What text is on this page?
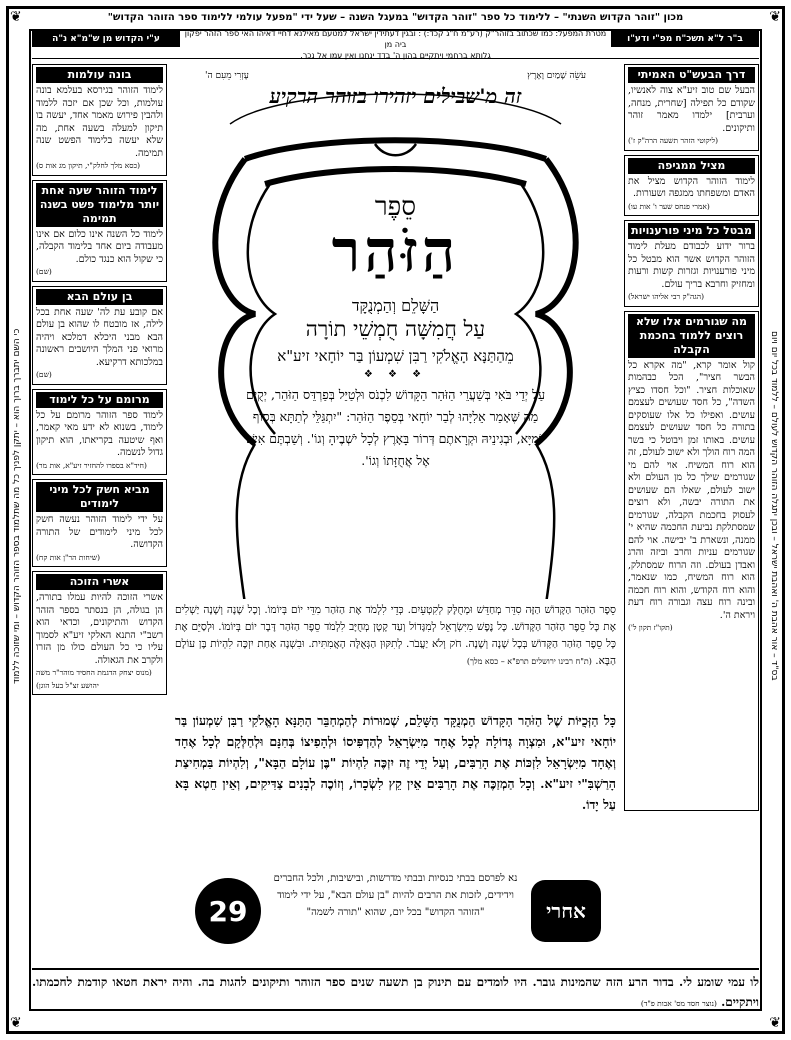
❦	❦
❦	❦
בס"ד – אור אהבת ה' ואהבת ישראל – ובכן יתגלה הזוהר הקדוש לעולם – ללמוד בכל יום ויום
כי השם יתברך ברוך הוא – יתקן לפניך כל מה שתלמוד בספר הזוהר הקדוש – ומי שזוכה ללמוד
מכון "זוהר הקדוש השנתי" – ללימוד כל ספר "זוהר הקדוש" במעגל השנה – שעל ידי "מפעל עולמי ללימוד ספר הזוהר הקדוש"
ב"ר ל"א תשכ"ח מפ"י ודע"ו
מטרת המפעל: כמו שכתוב בזוהר"ק (רע"מ ח"ג קכד:) : ובגין דעתידין ישראל למטעם מאילנא דחיי דאיהו האי ספר הזהר יפקון ביה מן
גלותא ברחמי ויתקיים בהון ה' בדד ינחנו ואין עמו אל נכר.
ע"י הקדוש מן ש"מ"א נ"ה
דרך הבעש"ט האמיתי

הבעל שם טוב זיע"א צוה לאנשיו, שקודם כל תפילה [שחרית, מנחה, וערבית] ילמדו מאמר זוהר ותיקונים.

(ליקוטי הזהר תשעה הרה"ק ז')
מציל ממגיפה

לימוד הזוהר הקדוש מציל את האדם ומשפחתו ממגפה ושעורות.

(אמרי פנחס שער ו' אות עו)
מבטל כל מיני פורענויות

ברור ידוע לכבודם מעלת לימוד הזוהר הקדוש אשר הוא מבטל כל מיני פורענויות וגזרות קשות ורעות ומחזיק וחרבא בריך עולם.

(הגה"ק רבי אליהו ישראל)
מה שגורמים אלו שלא רוצים ללמוד בחכמת הקבלה

קול אומר קרא, "מה אקרא כל הבשר חציר", הכל כבהמות שאוכלות חציר. "וכל חסדו כציץ השדה", כל חסד שעושים לעצמם עושים. ואפילו כל אלו שעוסקים בתורה כל חסד שעושים לעצמם עושים. באותו זמן ויבוטל כי בשר המה רוח הולך ולא ישוב לעולם, זה הוא רוח המשיח. אוי להם מי שגורמים שילך כל מן העולם ולא ישוב לעולם, שאלו הם שעושים את התורה יבשה, ולא רוצים לעסוק בחכמת הקבלה, שגורמים שמסתלקת נביעת החכמה שהיא י' ממנה, ונשארת ב' יבישה. אוי להם שגורמים עניות וחרב וביזה והרג ואבדן בעולם. וזה הרוח שמסתלק, הוא רוח המשיח, כמו שנאמר, והוא רוח הקודש, והוא רוח חכמה ובינה רוח עצה וגבורה רוח דעת ויראת ה'.

(תקו"ז תקון ל')
בונה עולמות

לימוד הזוהר בגירסא בעלמא בונה עולמות, וכל שכן אם יזכה ללמוד ולהבין פירוש מאמר אחד, יעשה בו תיקון למעלה בשעה אחת, מה שלא יעשה בלימוד הפשט שנה תמימה.

(כסא מלך לחלק"י, תיקון מג אות ס)
לימוד הזוהר שעה אחת יותר מלימוד פשט בשנה תמימה

לימוד כל השנה אינו כלום אם אינו מעבודה ביום אחד בלימוד הקבלה, כי שקול הוא כנגד כולם.

(שם)
בן עולם הבא

אם קובע עת לה' שעה אחת בכל לילה, אז מובטח לו שהוא בן עולם הבא מבני היכלא דמלכא ויהיה מרואי פני המלך היושבים ראשונה במלכותא דרקיעא.

(שם)
מרומם על כל לימוד

לימוד ספר הזוהר מרומם על כל לימוד, בשנוא לא ידע מאי קאמר, ואף שיטעה בקריאתו, הוא תיקון גדול לנשמה.

(חיד"א בספרו להחזיר זיע"א, אות מר)
מביא חשק לכל מיני לימודים

על ידי לימוד הזוהר נעשה חשק לכל מיני לימודים של התורה הקדושה.

(שיחות הר"ן אות קח)
אשרי הזוכה

אשרי הזוכה להיות עמלו בתורה, הן בגולה, הן בנסתר בספר הזהר הקדוש והתיקונים, וכדאי הוא רשב"י התנא האלקי זיע"א לסמוך עליו כי כל העולם כולו מן הזרו ולקרב את הגאולה.

(מנוס יצחק הדגמת החסיד מוהר"ר משה יהושע זצ"ל בעל הוגן)
עֹשֵׂה שָׁמַיִם וָאָרֶץ
עֶזְרִי מֵעִם ה'
זה מ'שבילים יזהירו בזוהר הרקיע
סֵפֶר
הַזֹּהַר
הַשָּׁלֵם וְהַמְנֻקָּד
עַל חֲמִשָּׁה חֻמְשֵׁי תוֹרָה
מֵהַתַּנָּא הָאֱלֹקִי רַבִּן שִׁמְעוֹן בַּר יוֹחָאי זיע"א
❖ ❖ ❖
עַל יְדֵי בֹּאִי בְּשַׁעֲרֵי הַזֹּהַר הַקָּדוֹשׁ לִכְנֹס וּלְטַיֵּל בְּפַרְדֵּס הַזֹּהַר, יְקֻיַּם מַה שֶּׁאָמַר אֵלִיָּהוּ לְבַר יוֹחָאי בְּסֵפֶר הַזֹּהַר: "יִתְגַּלֵּי לְתַתָּא בְּסוֹף יוֹמַיָּא, וּבְגִינֵיהּ וּקְרָאתֶם דְּרוֹר בָּאָרֶץ לְכָל יֹשְׁבֶיהָ וְגוֹ'. וְשַׁבְתֶּם אִישׁ אֶל אֲחֻזָּתוֹ וְגוֹ'.
סֵפֶר הַזֹּהַר הַקָּדוֹשׁ הַזֶּה סִדֵּר מְחַדֵּשׁ וּמְחֻלָּק לְקִטְעֵיִם. כְּדֵי לִלְמֹד אֶת הַזֹּהַר מִדֵּי יוֹם בְּיוֹמוֹ. וְכָל שָׁנָה וְשָׁנָה יַשְׁלִים אֶת כָּל סֵפֶר הַזֹּהַר הַקָּדוֹשׁ. כָּל נֶפֶשׁ מִיִּשְׂרָאֵל לְמִגָּדוֹל וְעַד קָטָן מְחֻיָּב לִלְמֹד סֵפֶר הַזֹּהַר דָּבָר יוֹם בְּיוֹמוֹ. וּלְסַיֵּם אֶת כָּל סֵפֶר הַזֹּהַר הַקָּדוֹשׁ בְּכָל שָׁנָה וְשָׁנָה. חֹק וְלֹא יַעֲבֹר. לְתִקּוּן הַגְּאֻלָּה הָאֲמִתִּית. וּבִשְׁנָה אַחַת יִזְכֶּה לִהְיוֹת בֶּן עוֹלָם הַבָּא. (ת"ח רבינו ירושלים תרפ"א – כסא מלך)
כָּל הַזְּכֻיּוֹת שֶׁל הַזֹּהַר הַקָּדוֹשׁ הַמְנֻקָּד הַשָּׁלֵם, שְׁמוּרוֹת לְהַמְחַבֵּר הַתַּנָּא הָאֱלֹקִי רַבִּן שִׁמְעוֹן בַּר יוֹחָאי זיע"א, וּמִצְוָה גְּדוֹלָה לְכָל אֶחָד מִיִּשְׂרָאֵל לְהַדְפִּיסוֹ וּלְהָפִיצוֹ בְּחִנָּם וּלְחַלְּקָם לְכָל אֶחָד וְאֶחָד מִיִּשְׂרָאֵל לִזְכּוֹת אֶת הָרַבִּים, וְעַל יְדֵי זֶה יִזְכֶּה לִהְיוֹת "בֶּן עוֹלָם הַבָּא", וְלִהְיוֹת בִּמְחִיצַת הָרַשְׁבִּ"י זיע"א. וְכָל הַמְזַכֶּה אֶת הָרַבִּים אֵין קֵץ לִשְׂכָרוֹ, וְזוֹכֶה לְבָנִים צַדִּיקִים, וְאֵין חֵטְא בָּא עַל יָדוֹ.
אחרי
נא לפרסם בבתי כנסיות ובבתי מדרשות, ובישיבות, ולכל החברים וידידים, לזכות את הרבים להיות "בן עולם הבא", על ידי לימוד "הזוהר הקדוש" בכל יום, שהוא "תורה לשמה"
29
לו עמי שומע לי. בדור הרע הזה שהמינות גובר. היו לומדים עם תינוק בן תשעה שנים ספר הזוהר ותיקונים להגות בה. והיה יראת חטאו קודמת לחכמתו. ויתקיים. (נוצר חסד מס' אבות פ"ד)
